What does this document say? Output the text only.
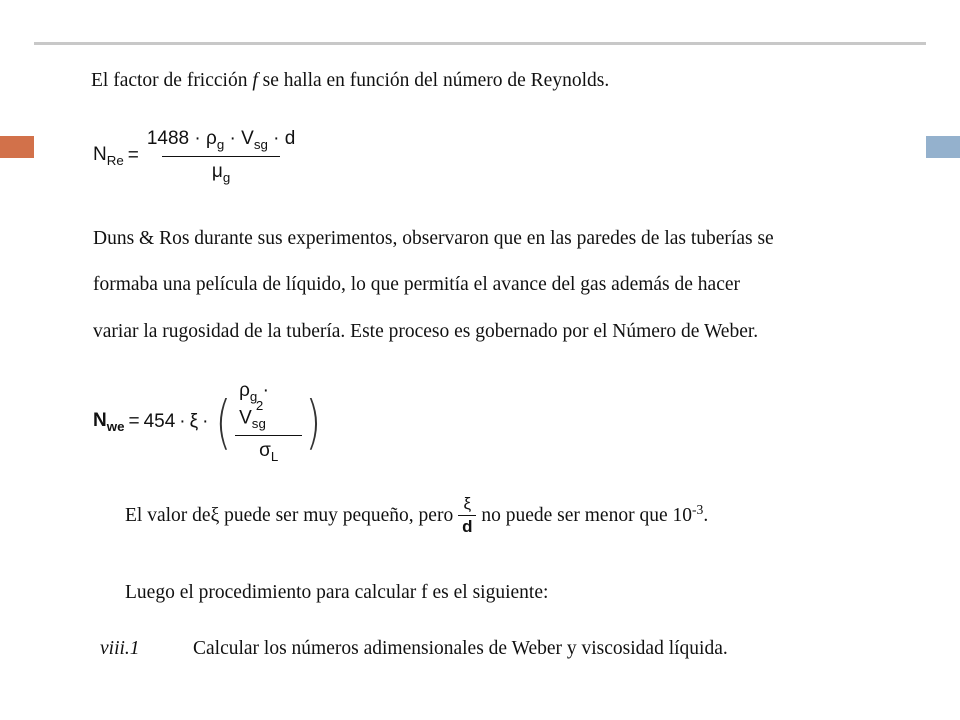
El factor de fricción f se halla en función del número de Reynolds.
$N_{Re} = \frac{1488 \cdot \rho_g \cdot V_{sg} \cdot d}{\mu_g}$
Duns & Ros durante sus experimentos, observaron que en las paredes de las tuberías se
formaba una película de líquido, lo que permitía el avance del gas además de hacer
variar la rugosidad de la tubería. Este proceso es gobernado por el Número de Weber.
$N_{we} = 454 \cdot \xi$ · ( $\frac{\rho_g \cdot V_{sg}^2}{\sigma_L}$ )
El valor de ξ puede ser muy pequeño, pero $\frac{\xi}{d}$ no puede ser menor que $10^{-3}$ .
Luego el procedimiento para calcular f es el siguiente:
viii.1	Calcular los números adimensionales de Weber y viscosidad líquida.
